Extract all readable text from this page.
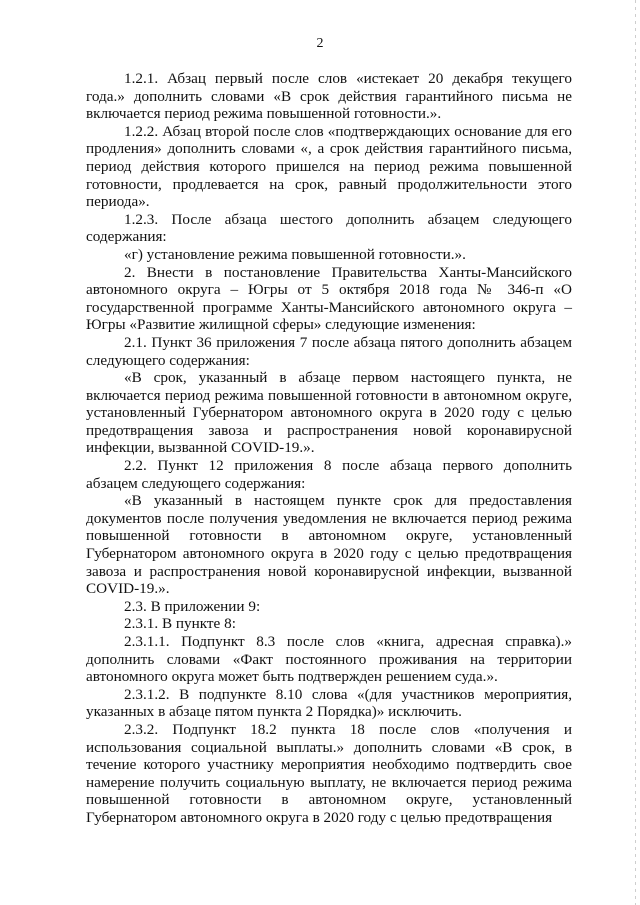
2

1.2.1. Абзац первый после слов «истекает 20 декабря текущего года.» дополнить словами «В срок действия гарантийного письма не включается период режима повышенной готовности.».

1.2.2. Абзац второй после слов «подтверждающих основание для его продления» дополнить словами «, а срок действия гарантийного письма, период действия которого пришелся на период режима повышенной готовности, продлевается на срок, равный продолжительности этого периода».

1.2.3. После абзаца шестого дополнить абзацем следующего содержания:

«г) установление режима повышенной готовности.».

2. Внести в постановление Правительства Ханты-Мансийского автономного округа – Югры от 5 октября 2018 года № 346-п «О государственной программе Ханты-Мансийского автономного округа – Югры «Развитие жилищной сферы» следующие изменения:

2.1. Пункт 36 приложения 7 после абзаца пятого дополнить абзацем следующего содержания:

«В срок, указанный в абзаце первом настоящего пункта, не включается период режима повышенной готовности в автономном округе, установленный Губернатором автономного округа в 2020 году с целью предотвращения завоза и распространения новой коронавирусной инфекции, вызванной COVID-19.».

2.2. Пункт 12 приложения 8 после абзаца первого дополнить абзацем следующего содержания:

«В указанный в настоящем пункте срок для предоставления документов после получения уведомления не включается период режима повышенной готовности в автономном округе, установленный Губернатором автономного округа в 2020 году с целью предотвращения завоза и распространения новой коронавирусной инфекции, вызванной COVID-19.».

2.3. В приложении 9:

2.3.1. В пункте 8:

2.3.1.1. Подпункт 8.3 после слов «книга, адресная справка).» дополнить словами «Факт постоянного проживания на территории автономного округа может быть подтвержден решением суда.».

2.3.1.2. В подпункте 8.10 слова «(для участников мероприятия, указанных в абзаце пятом пункта 2 Порядка)» исключить.

2.3.2. Подпункт 18.2 пункта 18 после слов «получения и использования социальной выплаты.» дополнить словами «В срок, в течение которого участнику мероприятия необходимо подтвердить свое намерение получить социальную выплату, не включается период режима повышенной готовности в автономном округе, установленный Губернатором автономного округа в 2020 году с целью предотвращения
